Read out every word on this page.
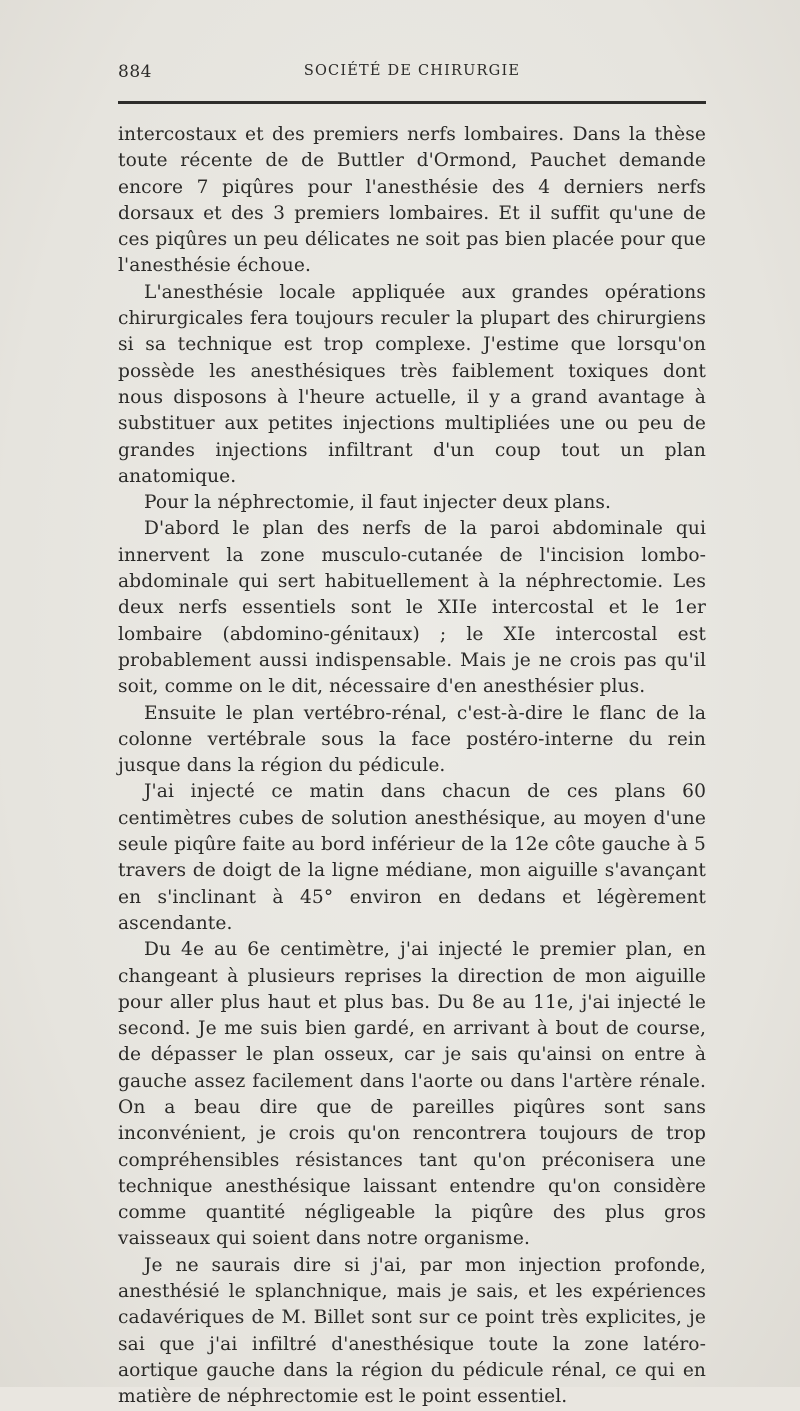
884	SOCIÉTÉ DE CHIRURGIE

intercostaux et des premiers nerfs lombaires. Dans la thèse toute récente de de Buttler d'Ormond, Pauchet demande encore 7 piqûres pour l'anesthésie des 4 derniers nerfs dorsaux et des 3 premiers lombaires. Et il suffit qu'une de ces piqûres un peu délicates ne soit pas bien placée pour que l'anesthésie échoue.

L'anesthésie locale appliquée aux grandes opérations chirurgicales fera toujours reculer la plupart des chirurgiens si sa technique est trop complexe. J'estime que lorsqu'on possède les anesthésiques très faiblement toxiques dont nous disposons à l'heure actuelle, il y a grand avantage à substituer aux petites injections multipliées une ou peu de grandes injections infiltrant d'un coup tout un plan anatomique.

Pour la néphrectomie, il faut injecter deux plans.

D'abord le plan des nerfs de la paroi abdominale qui innervent la zone musculo-cutanée de l'incision lombo-abdominale qui sert habituellement à la néphrectomie. Les deux nerfs essentiels sont le XIIe intercostal et le 1er lombaire (abdomino-génitaux) ; le XIe intercostal est probablement aussi indispensable. Mais je ne crois pas qu'il soit, comme on le dit, nécessaire d'en anesthésier plus.

Ensuite le plan vertébro-rénal, c'est-à-dire le flanc de la colonne vertébrale sous la face postéro-interne du rein jusque dans la région du pédicule.

J'ai injecté ce matin dans chacun de ces plans 60 centimètres cubes de solution anesthésique, au moyen d'une seule piqûre faite au bord inférieur de la 12e côte gauche à 5 travers de doigt de la ligne médiane, mon aiguille s'avançant en s'inclinant à 45° environ en dedans et légèrement ascendante.

Du 4e au 6e centimètre, j'ai injecté le premier plan, en changeant à plusieurs reprises la direction de mon aiguille pour aller plus haut et plus bas. Du 8e au 11e, j'ai injecté le second. Je me suis bien gardé, en arrivant à bout de course, de dépasser le plan osseux, car je sais qu'ainsi on entre à gauche assez facilement dans l'aorte ou dans l'artère rénale. On a beau dire que de pareilles piqûres sont sans inconvénient, je crois qu'on rencontrera toujours de trop compréhensibles résistances tant qu'on préconisera une technique anesthésique laissant entendre qu'on considère comme quantité négligeable la piqûre des plus gros vaisseaux qui soient dans notre organisme.

Je ne saurais dire si j'ai, par mon injection profonde, anesthésié le splanchnique, mais je sais, et les expériences cadavériques de M. Billet sont sur ce point très explicites, je sai que j'ai infiltré d'anesthésique toute la zone latéro-aortique gauche dans la région du pédicule rénal, ce qui en matière de néphrectomie est le point essentiel.
